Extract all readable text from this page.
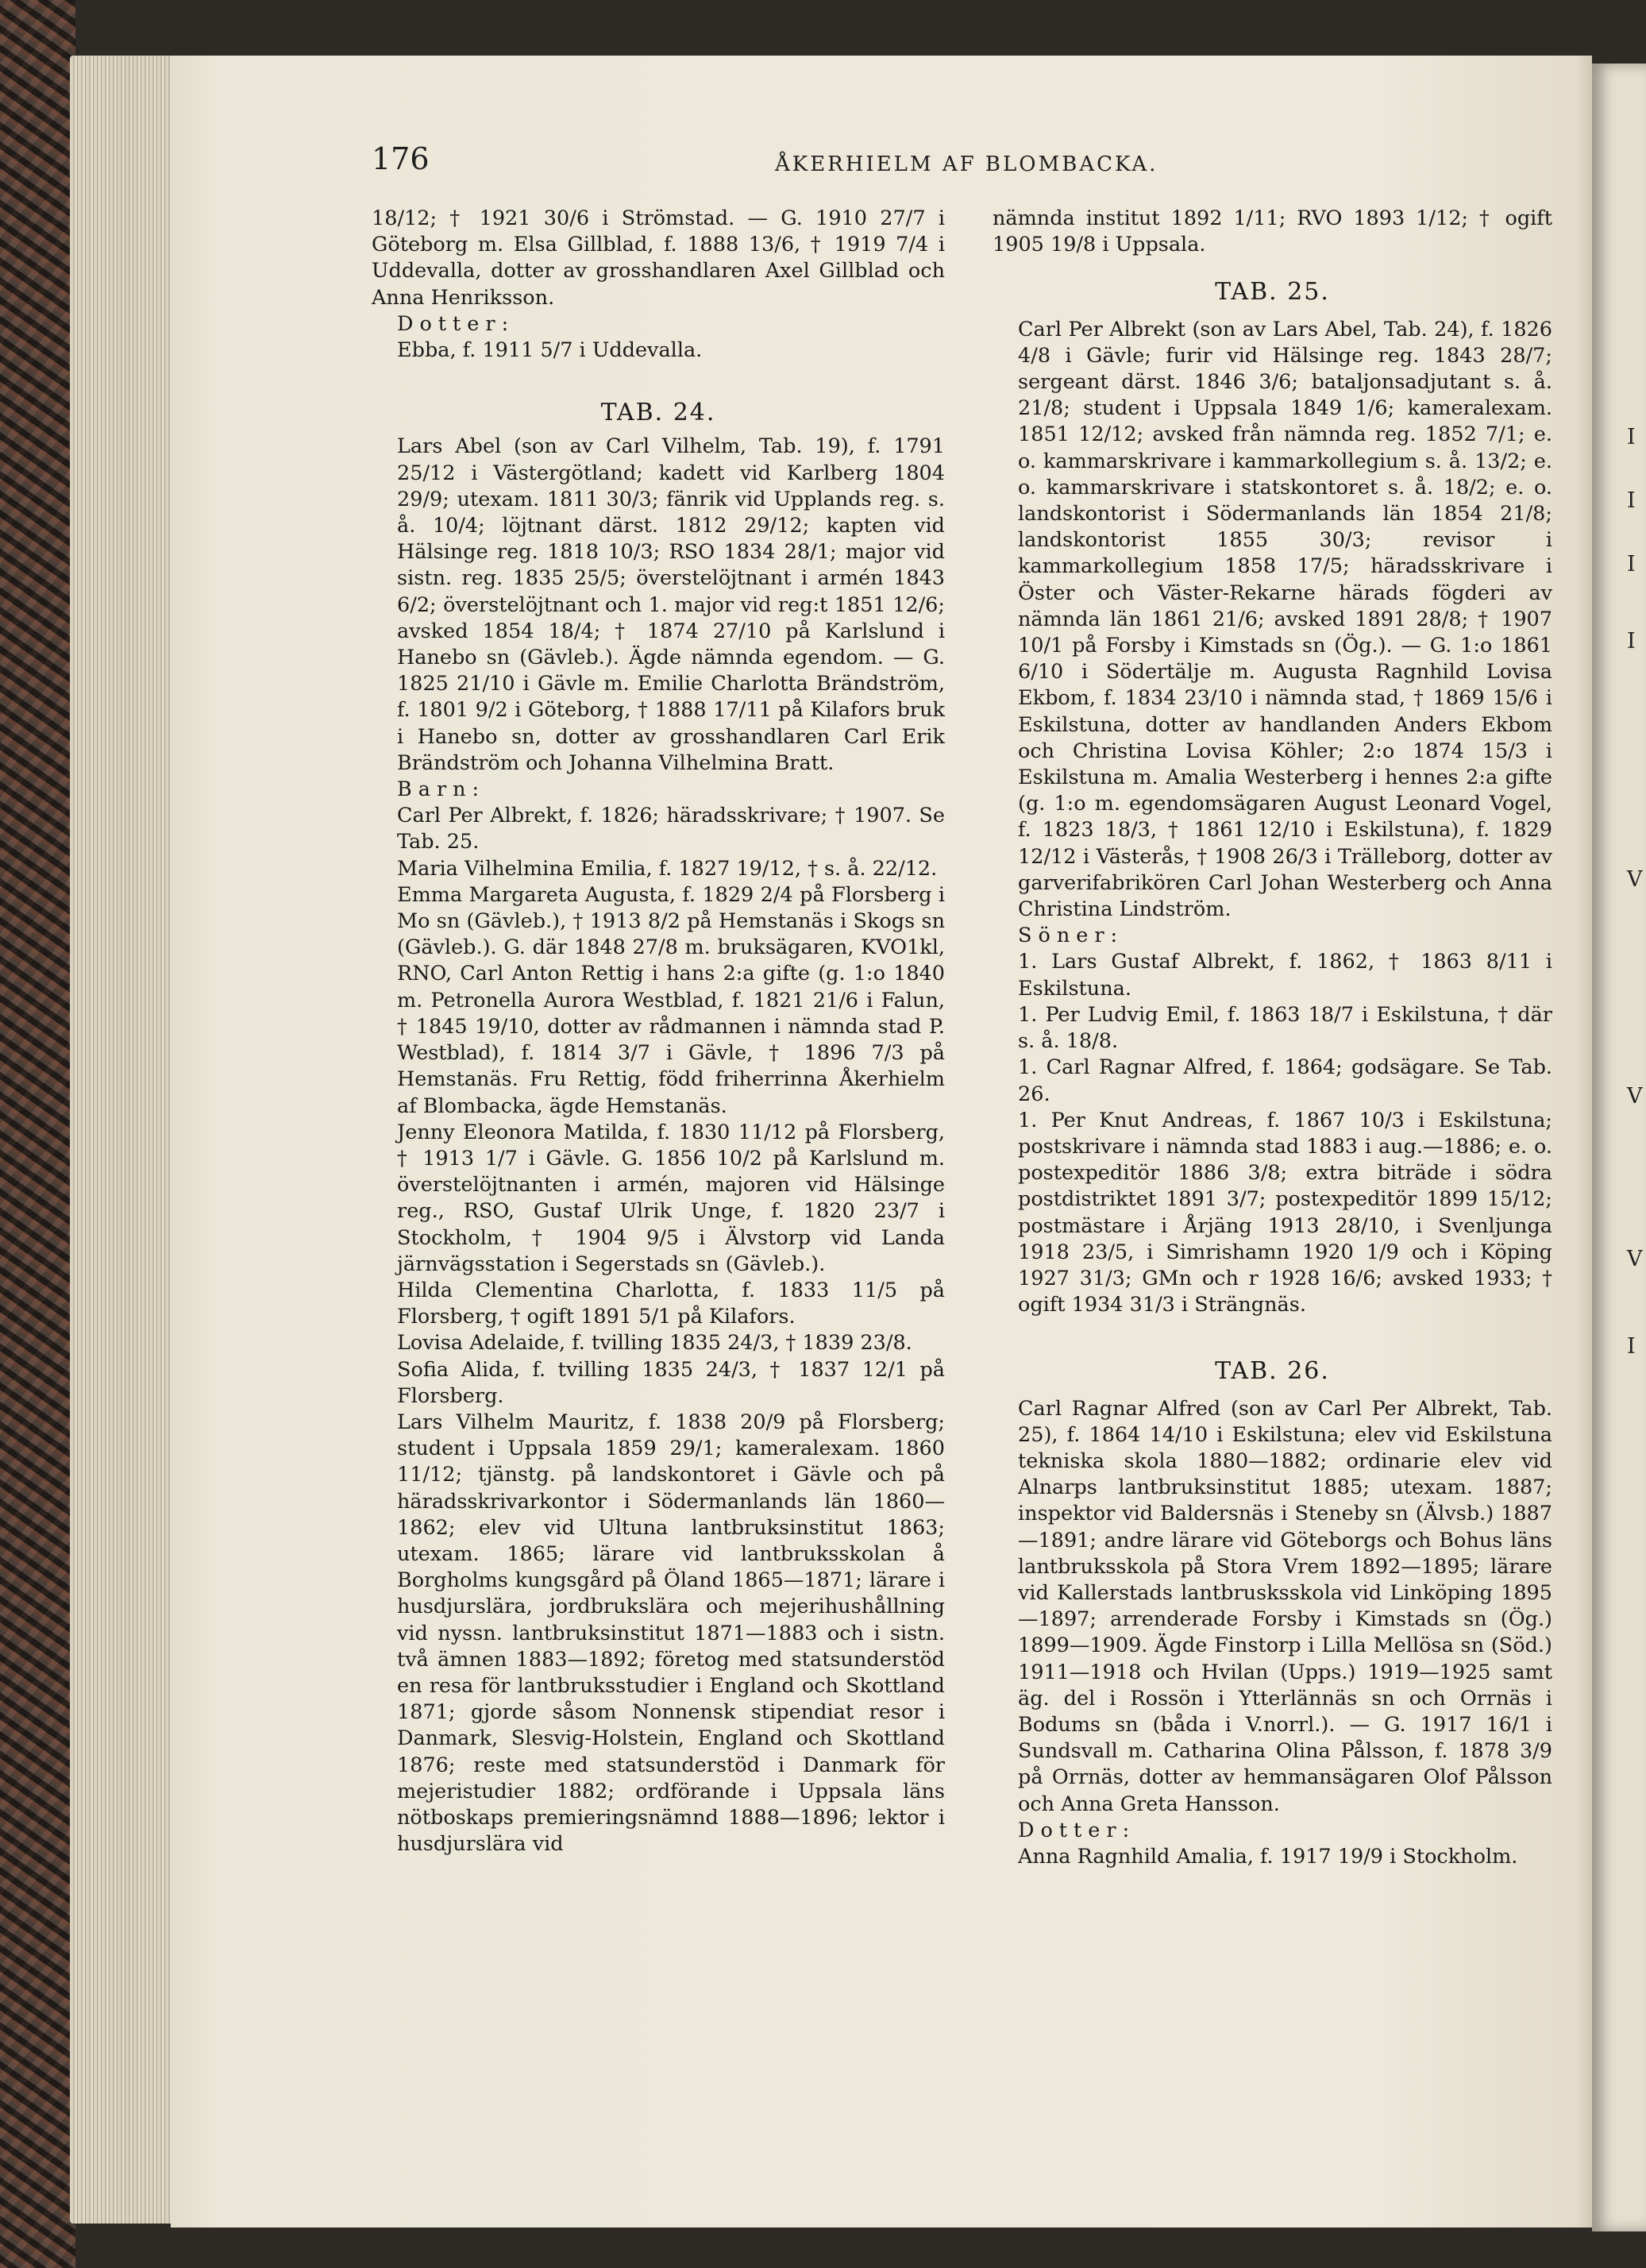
I
I
I
I
V
V
V
I
176	ÅKERHIELM AF BLOMBACKA.

18/12; † 1921 30/6 i Strömstad. — G. 1910 27/7 i Göteborg m. Elsa Gillblad, f. 1888 13/6, † 1919 7/4 i Uddevalla, dotter av grosshandlaren Axel Gillblad och Anna Henriksson.

Dotter:

Ebba, f. 1911 5/7 i Uddevalla.

TAB. 24.

Lars Abel (son av Carl Vilhelm, Tab. 19), f. 1791 25/12 i Västergötland; kadett vid Karlberg 1804 29/9; utexam. 1811 30/3; fänrik vid Upplands reg. s. å. 10/4; löjtnant därst. 1812 29/12; kapten vid Hälsinge reg. 1818 10/3; RSO 1834 28/1; major vid sistn. reg. 1835 25/5; överstelöjtnant i armén 1843 6/2; överstelöjtnant och 1. major vid reg:t 1851 12/6; avsked 1854 18/4; † 1874 27/10 på Karlslund i Hanebo sn (Gävleb.). Ägde nämnda egendom. — G. 1825 21/10 i Gävle m. Emilie Charlotta Brändström, f. 1801 9/2 i Göteborg, † 1888 17/11 på Kilafors bruk i Hanebo sn, dotter av grosshandlaren Carl Erik Brändström och Johanna Vilhelmina Bratt.

Barn:

Carl Per Albrekt, f. 1826; häradsskrivare; † 1907. Se Tab. 25.

Maria Vilhelmina Emilia, f. 1827 19/12, † s. å. 22/12.

Emma Margareta Augusta, f. 1829 2/4 på Florsberg i Mo sn (Gävleb.), † 1913 8/2 på Hemstanäs i Skogs sn (Gävleb.). G. där 1848 27/8 m. bruksägaren, KVO1kl, RNO, Carl Anton Rettig i hans 2:a gifte (g. 1:o 1840 m. Petronella Aurora Westblad, f. 1821 21/6 i Falun, † 1845 19/10, dotter av rådmannen i nämnda stad P. Westblad), f. 1814 3/7 i Gävle, † 1896 7/3 på Hemstanäs. Fru Rettig, född friherrinna Åkerhielm af Blombacka, ägde Hemstanäs.

Jenny Eleonora Matilda, f. 1830 11/12 på Florsberg, † 1913 1/7 i Gävle. G. 1856 10/2 på Karlslund m. överstelöjtnanten i armén, majoren vid Hälsinge reg., RSO, Gustaf Ulrik Unge, f. 1820 23/7 i Stockholm, † 1904 9/5 i Älvstorp vid Landa järnvägsstation i Segerstads sn (Gävleb.).

Hilda Clementina Charlotta, f. 1833 11/5 på Florsberg, † ogift 1891 5/1 på Kilafors.

Lovisa Adelaide, f. tvilling 1835 24/3, † 1839 23/8.

Sofia Alida, f. tvilling 1835 24/3, † 1837 12/1 på Florsberg.

Lars Vilhelm Mauritz, f. 1838 20/9 på Florsberg; student i Uppsala 1859 29/1; kameralexam. 1860 11/12; tjänstg. på landskontoret i Gävle och på häradsskrivarkontor i Södermanlands län 1860—1862; elev vid Ultuna lantbruksinstitut 1863; utexam. 1865; lärare vid lantbruksskolan å Borgholms kungsgård på Öland 1865—1871; lärare i husdjurslära, jordbrukslära och mejerihushållning vid nyssn. lantbruksinstitut 1871—1883 och i sistn. två ämnen 1883—1892; företog med statsunderstöd en resa för lantbruksstudier i England och Skottland 1871; gjorde såsom Nonnensk stipendiat resor i Danmark, Slesvig-Holstein, England och Skottland 1876; reste med statsunderstöd i Danmark för mejeristudier 1882; ordförande i Uppsala läns nötboskaps premieringsnämnd 1888—1896; lektor i husdjurslära vid

nämnda institut 1892 1/11; RVO 1893 1/12; † ogift 1905 19/8 i Uppsala.

TAB. 25.

Carl Per Albrekt (son av Lars Abel, Tab. 24), f. 1826 4/8 i Gävle; furir vid Hälsinge reg. 1843 28/7; sergeant därst. 1846 3/6; bataljonsadjutant s. å. 21/8; student i Uppsala 1849 1/6; kameralexam. 1851 12/12; avsked från nämnda reg. 1852 7/1; e. o. kammarskrivare i kammarkollegium s. å. 13/2; e. o. kammarskrivare i statskontoret s. å. 18/2; e. o. landskontorist i Södermanlands län 1854 21/8; landskontorist 1855 30/3; revisor i kammarkollegium 1858 17/5; häradsskrivare i Öster och Väster-Rekarne härads fögderi av nämnda län 1861 21/6; avsked 1891 28/8; † 1907 10/1 på Forsby i Kimstads sn (Ög.). — G. 1:o 1861 6/10 i Södertälje m. Augusta Ragnhild Lovisa Ekbom, f. 1834 23/10 i nämnda stad, † 1869 15/6 i Eskilstuna, dotter av handlanden Anders Ekbom och Christina Lovisa Köhler; 2:o 1874 15/3 i Eskilstuna m. Amalia Westerberg i hennes 2:a gifte (g. 1:o m. egendomsägaren August Leonard Vogel, f. 1823 18/3, † 1861 12/10 i Eskilstuna), f. 1829 12/12 i Västerås, † 1908 26/3 i Trälleborg, dotter av garverifabrikören Carl Johan Westerberg och Anna Christina Lindström.

Söner:

1. Lars Gustaf Albrekt, f. 1862, † 1863 8/11 i Eskilstuna.

1. Per Ludvig Emil, f. 1863 18/7 i Eskilstuna, † där s. å. 18/8.

1. Carl Ragnar Alfred, f. 1864; godsägare. Se Tab. 26.

1. Per Knut Andreas, f. 1867 10/3 i Eskilstuna; postskrivare i nämnda stad 1883 i aug.—1886; e. o. postexpeditör 1886 3/8; extra biträde i södra postdistriktet 1891 3/7; postexpeditör 1899 15/12; postmästare i Årjäng 1913 28/10, i Svenljunga 1918 23/5, i Simrishamn 1920 1/9 och i Köping 1927 31/3; GMn och r 1928 16/6; avsked 1933; † ogift 1934 31/3 i Strängnäs.

TAB. 26.

Carl Ragnar Alfred (son av Carl Per Albrekt, Tab. 25), f. 1864 14/10 i Eskilstuna; elev vid Eskilstuna tekniska skola 1880—1882; ordinarie elev vid Alnarps lantbruksinstitut 1885; utexam. 1887; inspektor vid Baldersnäs i Steneby sn (Älvsb.) 1887—1891; andre lärare vid Göteborgs och Bohus läns lantbruksskola på Stora Vrem 1892—1895; lärare vid Kallerstads lantbrusksskola vid Linköping 1895—1897; arrenderade Forsby i Kimstads sn (Ög.) 1899—1909. Ägde Finstorp i Lilla Mellösa sn (Söd.) 1911—1918 och Hvilan (Upps.) 1919—1925 samt äg. del i Rossön i Ytterlännäs sn och Orrnäs i Bodums sn (båda i V.norrl.). — G. 1917 16/1 i Sundsvall m. Catharina Olina Pålsson, f. 1878 3/9 på Orrnäs, dotter av hemmansägaren Olof Pålsson och Anna Greta Hansson.

Dotter:

Anna Ragnhild Amalia, f. 1917 19/9 i Stockholm.
